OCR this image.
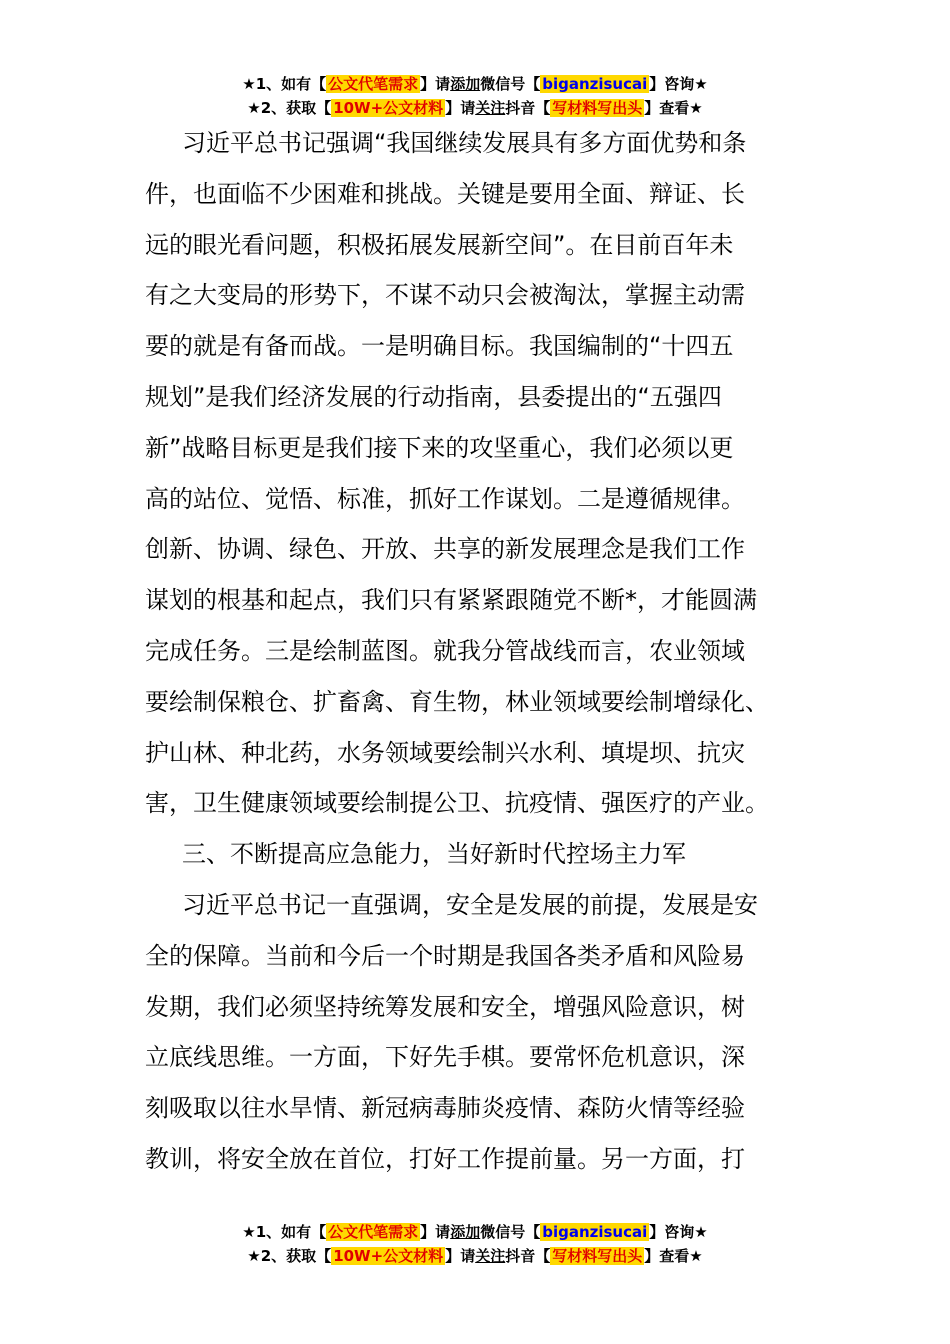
★1、如有【 公文代笔需求 】请添加微信号【 biganzisucai 】咨询★
★2、获取【 10W+公文材料 】请关注抖音【 写材料写出头 】查看★
习近平总书记强调“我国继续发展具有多方面优势和条
件，也面临不少困难和挑战。关键是要用全面、辩证、长
远的眼光看问题，积极拓展发展新空间”。在目前百年未
有之大变局的形势下，不谋不动只会被淘汰，掌握主动需
要的就是有备而战。一是明确目标。我国编制的“十四五
规划”是我们经济发展的行动指南，县委提出的“五强四
新”战略目标更是我们接下来的攻坚重心，我们必须以更
高的站位、觉悟、标准，抓好工作谋划。二是遵循规律。
创新、协调、绿色、开放、共享的新发展理念是我们工作
谋划的根基和起点，我们只有紧紧跟随党不断*，才能圆满
完成任务。三是绘制蓝图。就我分管战线而言，农业领域
要绘制保粮仓、扩畜禽、育生物，林业领域要绘制增绿化、
护山林、种北药，水务领域要绘制兴水利、填堤坝、抗灾
害，卫生健康领域要绘制提公卫、抗疫情、强医疗的产业。
三、不断提高应急能力，当好新时代控场主力军
习近平总书记一直强调，安全是发展的前提，发展是安
全的保障。当前和今后一个时期是我国各类矛盾和风险易
发期，我们必须坚持统筹发展和安全，增强风险意识，树
立底线思维。一方面，下好先手棋。要常怀危机意识，深
刻吸取以往水旱情、新冠病毒肺炎疫情、森防火情等经验
教训，将安全放在首位，打好工作提前量。另一方面，打
★1、如有【 公文代笔需求 】请添加微信号【 biganzisucai 】咨询★
★2、获取【 10W+公文材料 】请关注抖音【 写材料写出头 】查看★
